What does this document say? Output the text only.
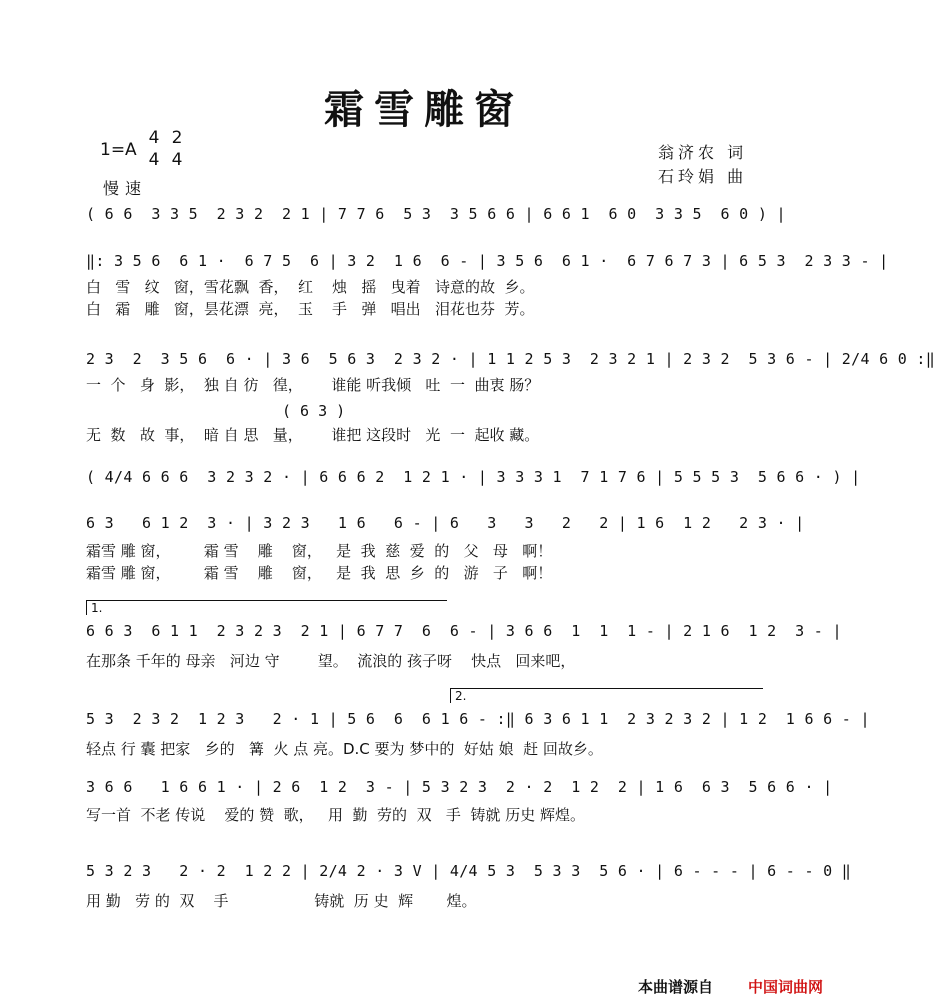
霜雪雕窗
1=A
4
4
2
4
慢速
翁济农 词
石玲娟 曲
( 6 6  3 3 5  2 3 2  2 1 | 7 7 6  5 3  3 5 6 6 | 6 6 1  6 0  3 3 5  6 0 ) |
‖: 3 5 6  6 1 ·  6 7 5  6 | 3 2  1 6  6 - | 3 5 6  6 1 ·  6 7 6 7 3 | 6 5 3  2 3 3 - |
白   雪   纹   窗，雪花飘  香，  红    烛   摇   曳着   诗意的故  乡。
白   霜   雕   窗，昙花漂  亮，  玉    手   弹   唱出   泪花也芬  芳。
2 3  2  3 5 6  6 · | 3 6  5 6 3  2 3 2 · | 1 1 2 5 3  2 3 2 1 | 2 3 2  5 3 6 - | 2/4 6 0 :‖
一  个   身  影，  独 自 彷   徨，      谁能 听我倾   吐  一  曲衷 肠？
( 6 3 )
无  数   故  事，  暗 自 思   量，      谁把 这段时   光  一  起收 藏。
( 4/4 6 6 6  3 2 3 2 · | 6 6 6 2  1 2 1 · | 3 3 3 1  7 1 7 6 | 5 5 5 3  5 6 6 · ) |
6 3   6 1 2  3 · | 3 2 3   1 6   6 - | 6   3   3   2   2 | 1 6  1 2   2 3 · |
霜雪 雕 窗，       霜 雪    雕    窗，   是  我  慈  爱  的   父   母   啊！
霜雪 雕 窗，       霜 雪    雕    窗，   是  我  思  乡  的   游   子   啊！
1.
6 6 3  6 1 1  2 3 2 3  2 1 | 6 7 7  6  6 - | 3 6 6  1  1  1 - | 2 1 6  1 2  3 - |
在那条 千年的 母亲   河边 守        望。  流浪的 孩子呀    快点   回来吧，
2.
5 3  2 3 2  1 2 3   2 · 1 | 5 6  6  6 1 6 - :‖ 6 3 6 1 1  2 3 2 3 2 | 1 2  1 6 6 - |
轻点 行 囊 把家   乡的   篝  火 点 亮。D.C 要为 梦中的  好姑 娘  赶 回故乡。
3 6 6   1 6 6 1 · | 2 6  1 2  3 - | 5 3 2 3  2 · 2  1 2  2 | 1 6  6 3  5 6 6 · |
写一首  不老 传说    爱的 赞  歌，   用  勤  劳的  双   手  铸就 历史 辉煌。
5 3 2 3   2 · 2  1 2 2 | 2/4 2 · 3 V | 4/4 5 3  5 3 3  5 6 · | 6 - - - | 6 - - 0 ‖
用 勤   劳 的  双    手                  铸就  历 史  辉       煌。
本曲谱源自 中国词曲网
